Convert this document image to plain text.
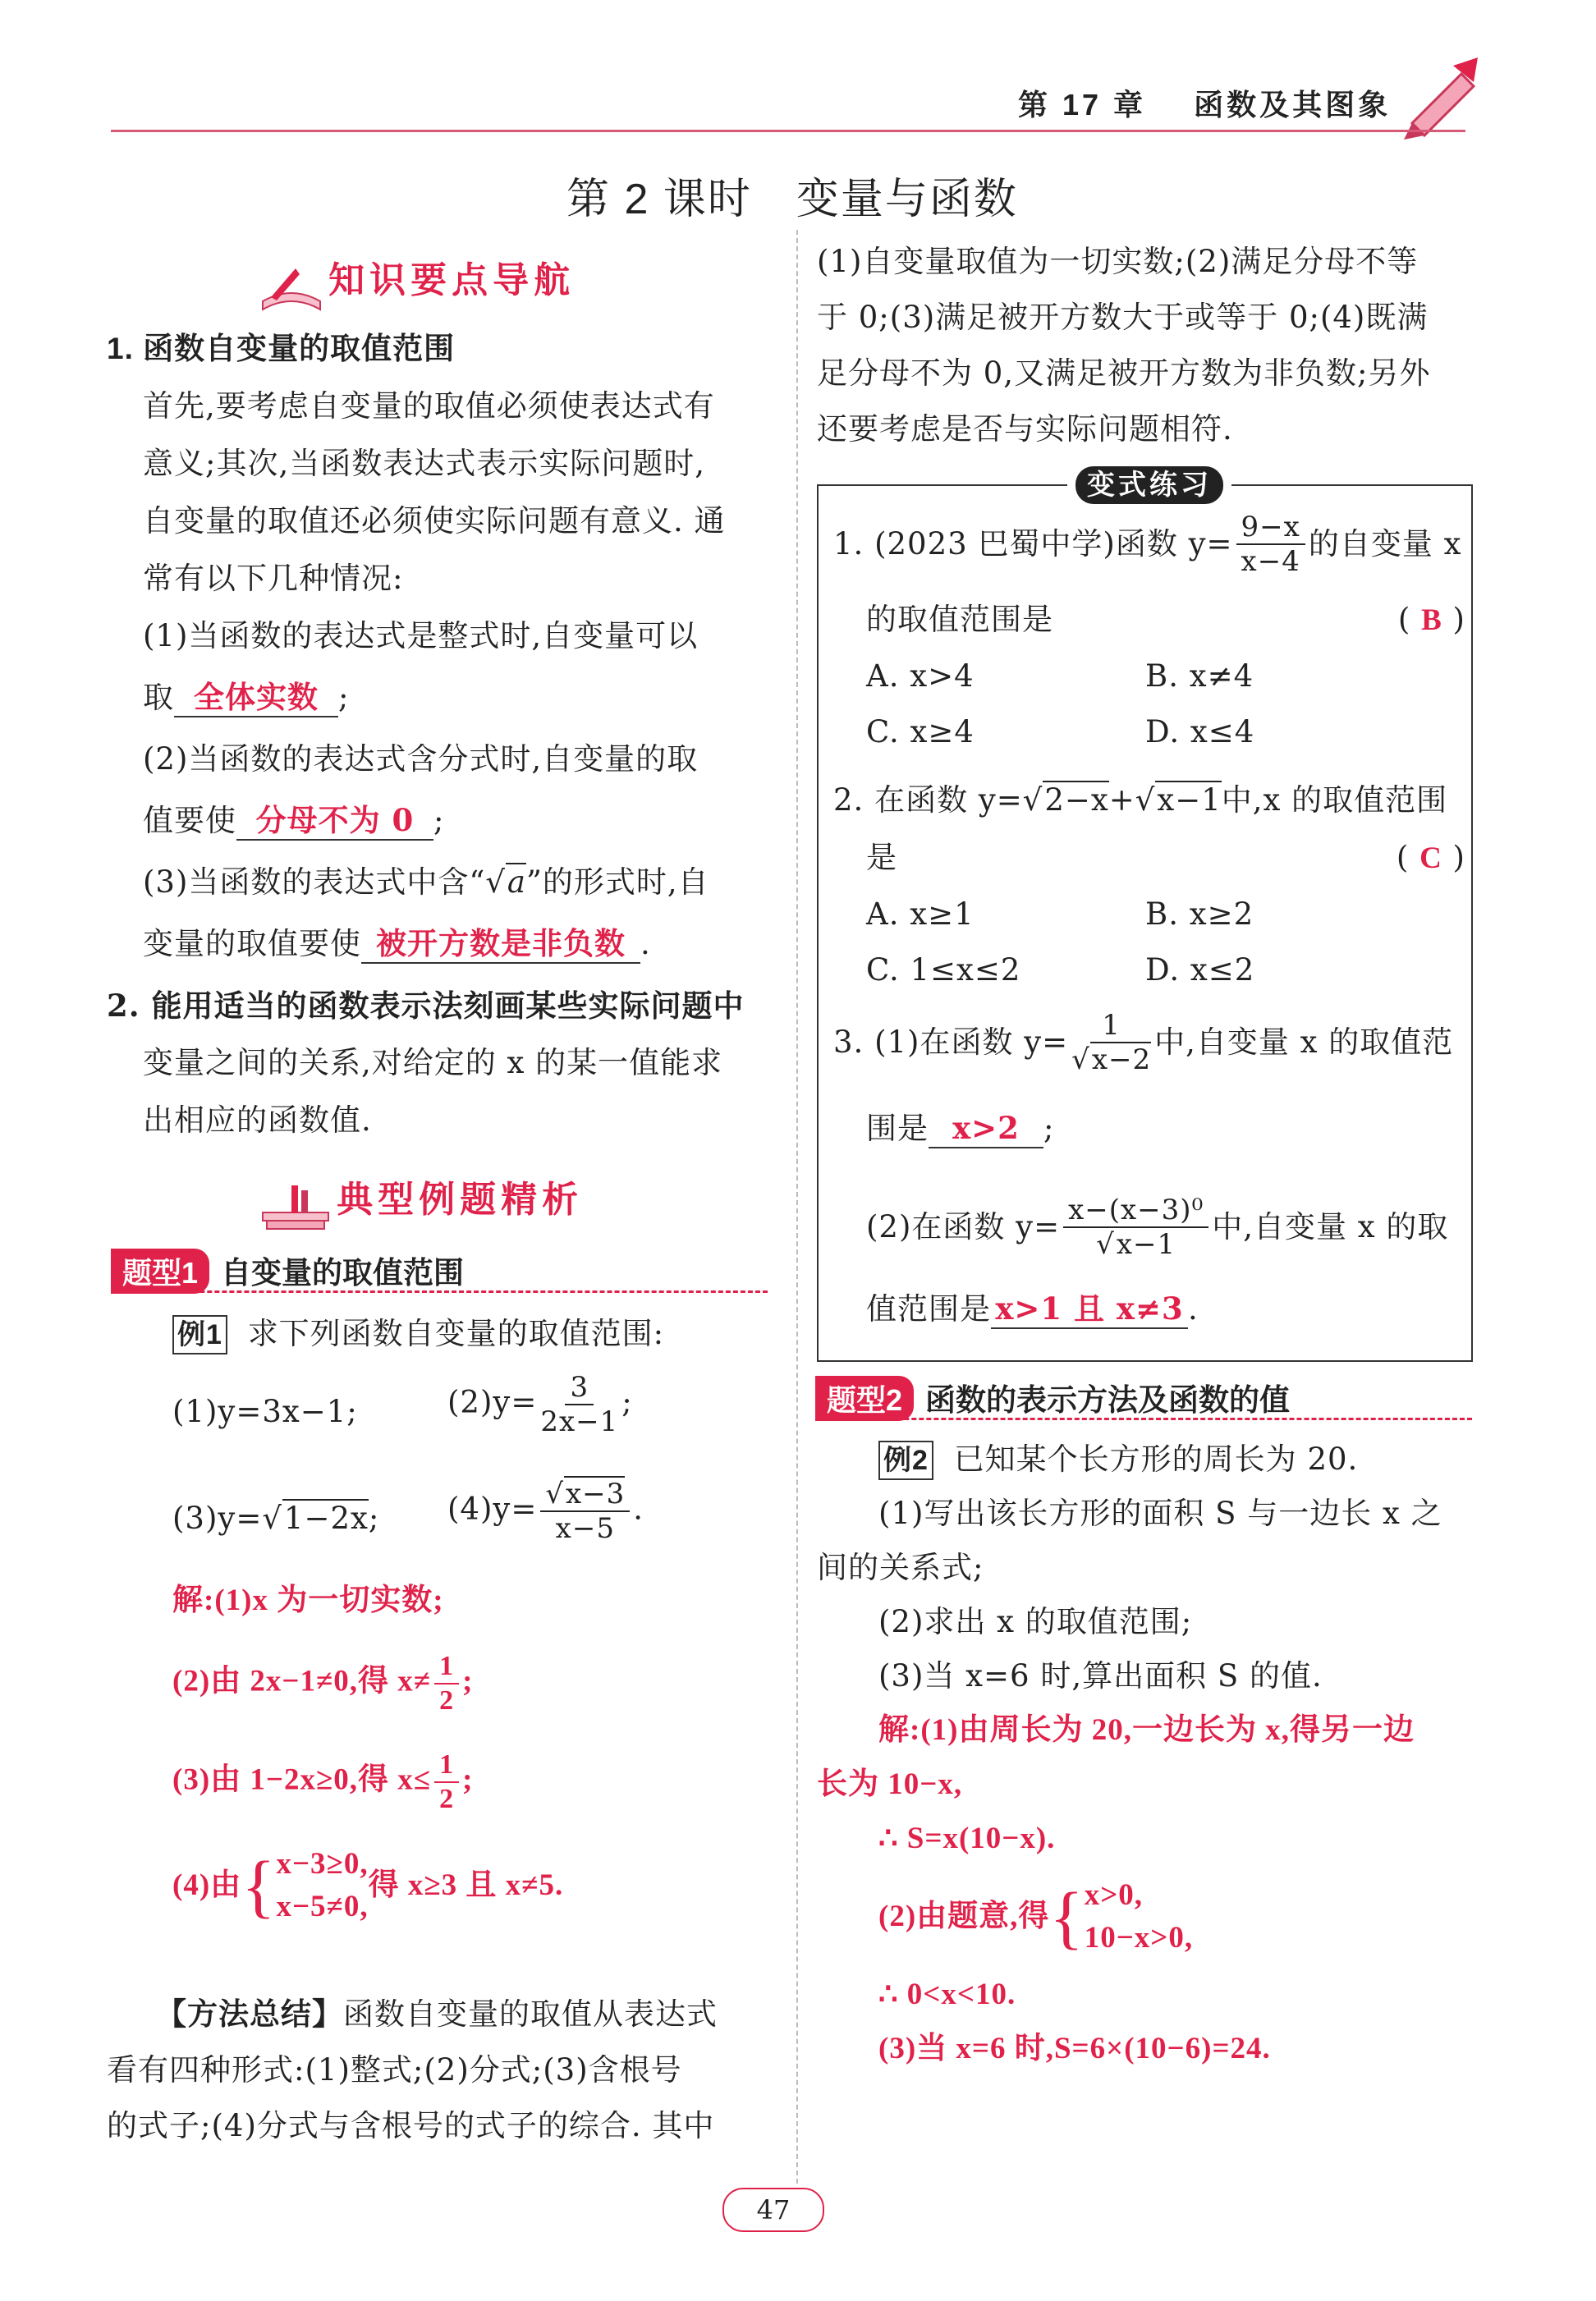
第 17 章 函数及其图象
第 2 课时　变量与函数
知识要点导航
1. 函数自变量的取值范围
首先,要考虑自变量的取值必须使表达式有
意义;其次,当函数表达式表示实际问题时,
自变量的取值还必须使实际问题有意义. 通
常有以下几种情况:
(1)当函数的表达式是整式时,自变量可以
取 全体实数 ;
(2)当函数的表达式含分式时,自变量的取
值要使 分母不为 0 ;
(3)当函数的表达式中含“√a”的形式时,自
变量的取值要使 被开方数是非负数 .
2. 能用适当的函数表示法刻画某些实际问题中
变量之间的关系,对给定的 x 的某一值能求
出相应的函数值.
典型例题精析
题型1 自变量的取值范围
例1 求下列函数自变量的取值范围:
(1)y=3x−1;	$(2)y= \frac{3}{2x-1}$ ;
(3)y=√1−2x; $(4)y= \frac{√x-3}{x-5}$ .
解:(1)x 为一切实数;
(2)由 2x−1≠0,得 $x\ne \frac{1}{2}$ ;
(3)由 1−2x≥0,得 $x\le \frac{1}{2}$ ;
(4)由{ x−3≥0,
x−5≠0,
得 x≥3 且 x≠5.
【方法总结】函数自变量的取值从表达式
看有四种形式:(1)整式;(2)分式;(3)含根号
的式子;(4)分式与含根号的式子的综合. 其中
(1)自变量取值为一切实数;(2)满足分母不等
于 0;(3)满足被开方数大于或等于 0;(4)既满
足分母不为 0,又满足被开方数为非负数;另外
还要考虑是否与实际问题相符.
变式练习
1. (2023 巴蜀中学)函数 $y= \frac{9-x}{x-4}$ 的自变量 x
的取值范围是	( B )
A. x>4	B. x≠4
C. x≥4	D. x≤4
2. 在函数 y=√2−x+√x−1中,x 的取值范围
是	( C )
A. x≥1	B. x≥2
C. 1≤x≤2	D. x≤2
3. (1)在函数 $y= \frac{1}{√x-2}$ 中,自变量 x 的取值范
围是 x>2 ;
(2)在函数 $y= \frac{\text{x−(x−3)⁰}}{√x-1}$ 中,自变量 x 的取
值范围是 x>1 且 x≠3 .
题型2 函数的表示方法及函数的值
例2 已知某个长方形的周长为 20.
(1)写出该长方形的面积 S 与一边长 x 之
间的关系式;
(2)求出 x 的取值范围;
(3)当 x=6 时,算出面积 S 的值.
解:(1)由周长为 20,一边长为 x,得另一边
长为 10−x,
∴ S=x(10−x).
(2)由题意,得{ x>0,
10−x>0,
∴ 0<x<10.
(3)当 x=6 时,S=6×(10−6)=24.
47
